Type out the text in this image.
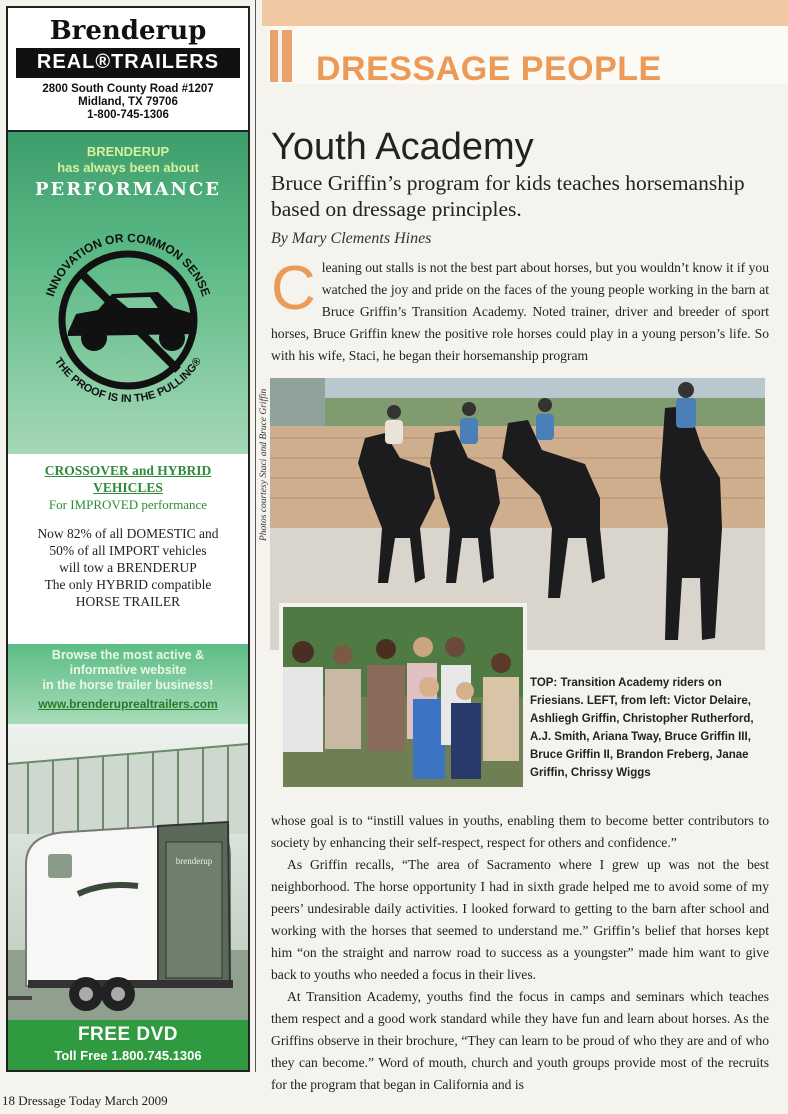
Brenderup
REAL®TRAILERS
2800 South County Road #1207
Midland, TX 79706
1-800-745-1306
BRENDERUP
has always been about
PERFORMANCE
INNOVATION OR COMMON SENSE
THE PROOF IS IN THE PULLING®
CROSSOVER and HYBRID
VEHICLES
For IMPROVED performance
Now 82% of all DOMESTIC and
50% of all IMPORT vehicles
will tow a BRENDERUP
The only HYBRID compatible
HORSE TRAILER
Browse the most active &
informative website
in the horse trailer business!
www.brenderuprealtrailers.com
brenderup
FREE DVD
Toll Free 1.800.745.1306
DRESSAGE PEOPLE
Youth Academy
Bruce Griffin’s program for kids teaches horsemanship based on dressage principles.
By Mary Clements Hines
Cleaning out stalls is not the best part about horses, but you wouldn’t know it if you watched the joy and pride on the faces of the young people working in the barn at Bruce Griffin’s Transition Academy. Noted trainer, driver and breeder of sport horses, Bruce Griffin knew the positive role horses could play in a young person’s life. So with his wife, Staci, he began their horsemanship program
Photos courtesy Staci and Bruce Griffin
TOP: Transition Academy riders on Friesians. LEFT, from left: Victor Delaire, Ashliegh Griffin, Christopher Rutherford, A.J. Smith, Ariana Tway, Bruce Griffin III, Bruce Griffin II, Brandon Freberg, Janae Griffin, Chrissy Wiggs

whose goal is to “instill values in youths, enabling them to become better contributors to society by enhancing their self-respect, respect for others and confidence.”

As Griffin recalls, “The area of Sacramento where I grew up was not the best neighborhood. The horse opportunity I had in sixth grade helped me to avoid some of my peers’ undesirable daily activities. I looked forward to getting to the barn after school and working with the horses that seemed to understand me.” Griffin’s belief that horses kept him “on the straight and narrow road to success as a youngster” made him want to give back to youths who needed a focus in their lives.

At Transition Academy, youths find the focus in camps and seminars which teaches them respect and a good work standard while they have fun and learn about horses. As the Griffins observe in their brochure, “They can learn to be proud of who they are and of who they can become.” Word of mouth, church and youth groups provide most of the recruits for the program that began in California and is

18 Dressage Today March 2009
